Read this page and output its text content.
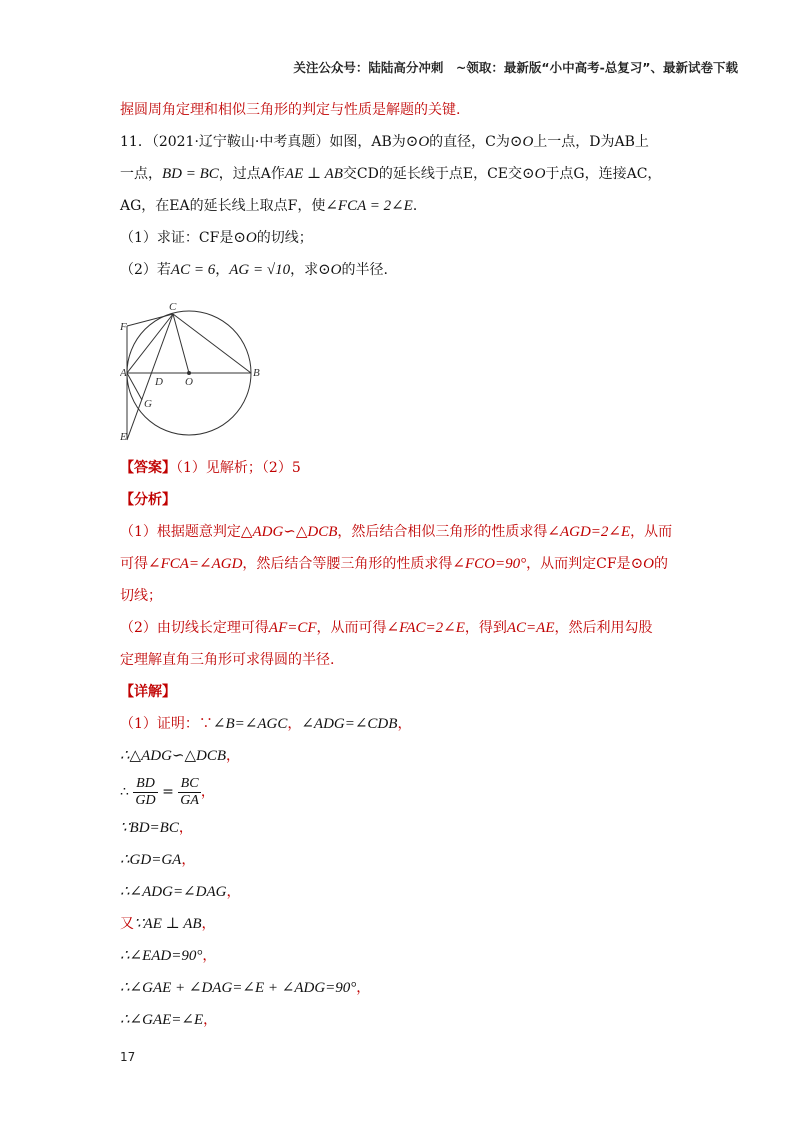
关注公众号：陆陆高分冲刺　~领取：最新版“小中高考-总复习”、最新试卷下载
握圆周角定理和相似三角形的判定与性质是解题的关键.
11．（2021·辽宁鞍山·中考真题）如图，AB为⊙O的直径，C为⊙O上一点，D为AB上
一点，BD = BC，过点A作AE ⊥ AB交CD的延长线于点E，CE交⊙O于点G，连接AC，
AG，在EA的延长线上取点F，使∠FCA = 2∠E．
（1）求证：CF是⊙O的切线；
（2）若AC = 6，AG = √10，求⊙O的半径.
C
F
A
D O
B
G
E
【答案】（1）见解析；（2）5
【分析】
（1）根据题意判定△ADG∽△DCB，然后结合相似三角形的性质求得∠AGD=2∠E，从而
可得∠FCA=∠AGD，然后结合等腰三角形的性质求得∠FCO=90°，从而判定CF是⊙O的
切线；
（2）由切线长定理可得AF=CF，从而可得∠FAC=2∠E，得到AC=AE，然后利用勾股
定理解直角三角形可求得圆的半径.
【详解】
（1）证明：∵∠B=∠AGC，∠ADG=∠CDB，
∴△ADG∽△DCB，
∴ $\frac{BD}{GD} = \frac{BC}{GA}$ ，
∵BD=BC，
∴GD=GA，
∴∠ADG=∠DAG，
又∵AE ⊥ AB，
∴∠EAD=90°，
∴∠GAE + ∠DAG=∠E + ∠ADG=90°，
∴∠GAE=∠E，
17
